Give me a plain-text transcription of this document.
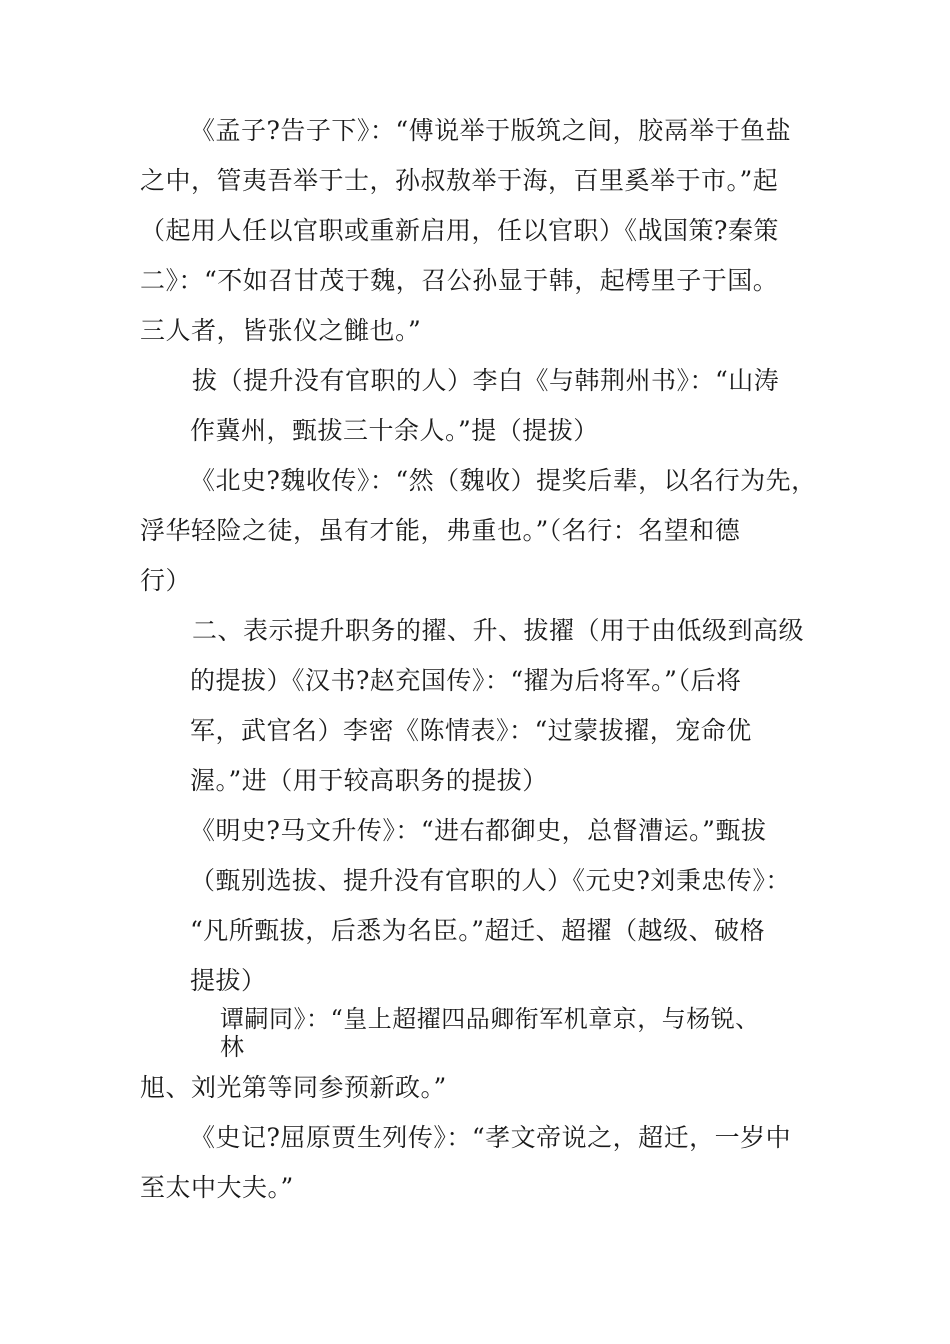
《孟子?告子下》：“傅说举于版筑之间，胶鬲举于鱼盐
之中，管夷吾举于士，孙叔敖举于海，百里奚举于市。”起
（起用人任以官职或重新启用，任以官职）《战国策?秦策
二》：“不如召甘茂于魏，召公孙显于韩，起樗里子于国。
三人者，皆张仪之雠也。”
拔（提升没有官职的人）李白《与韩荆州书》：“山涛
作冀州，甄拔三十余人。”提（提拔）
《北史?魏收传》：“然（魏收）提奖后辈，以名行为先，
浮华轻险之徒，虽有才能，弗重也。”（名行：名望和德
行）
二、表示提升职务的擢、升、拔擢（用于由低级到高级
的提拔）《汉书?赵充国传》：“擢为后将军。”（后将
军，武官名）李密《陈情表》：“过蒙拔擢，宠命优
渥。”进（用于较高职务的提拔）
《明史?马文升传》：“进右都御史，总督漕运。”甄拔
（甄别选拔、提升没有官职的人）《元史?刘秉忠传》：
“凡所甄拔，后悉为名臣。”超迁、超擢（越级、破格
提拔）
谭嗣同》：“皇上超擢四品卿衔军机章京，与杨锐、
林
旭、刘光第等同参预新政。”
《史记?屈原贾生列传》：“孝文帝说之，超迁，一岁中
至太中大夫。”
